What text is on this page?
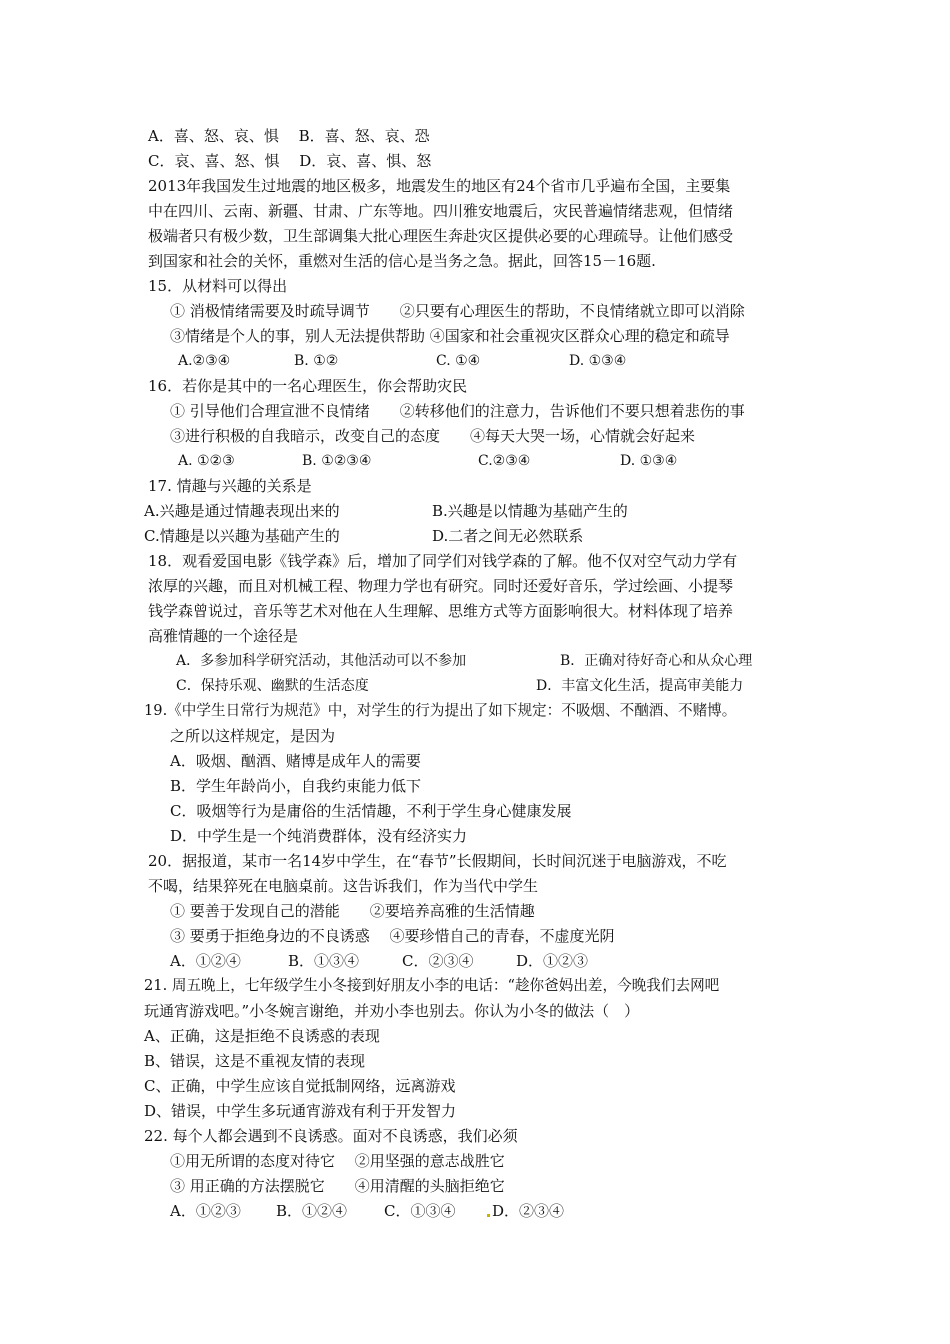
A．喜、怒、哀、惧　 B．喜、怒、哀、恐

C．哀、喜、怒、惧　 D．哀、喜、惧、怒

2013年我国发生过地震的地区极多，地震发生的地区有24个省市几乎遍布全国，主要集

中在四川、云南、新疆、甘肃、广东等地。四川雅安地震后，灾民普遍情绪悲观，但情绪

极端者只有极少数，卫生部调集大批心理医生奔赴灾区提供必要的心理疏导。让他们感受

到国家和社会的关怀，重燃对生活的信心是当务之急。据此，回答15－16题.

15．从材料可以得出

① 消极情绪需要及时疏导调节　　②只要有心理医生的帮助，不良情绪就立即可以消除

③情绪是个人的事，别人无法提供帮助 ④国家和社会重视灾区群众心理的稳定和疏导

A.②③④	B. ①②	C. ①④	D. ①③④

16．若你是其中的一名心理医生，你会帮助灾民

① 引导他们合理宣泄不良情绪　　②转移他们的注意力，告诉他们不要只想着悲伤的事

③进行积极的自我暗示，改变自己的态度　　④每天大哭一场，心情就会好起来

A. ①②③	B. ①②③④	C.②③④	D. ①③④

17. 情趣与兴趣的关系是

A.兴趣是通过情趣表现出来的	B.兴趣是以情趣为基础产生的
C.情趣是以兴趣为基础产生的	D.二者之间无必然联系

18．观看爱国电影《钱学森》后，增加了同学们对钱学森的了解。他不仅对空气动力学有

浓厚的兴趣，而且对机械工程、物理力学也有研究。同时还爱好音乐，学过绘画、小提琴

钱学森曾说过，音乐等艺术对他在人生理解、思维方式等方面影响很大。材料体现了培养

高雅情趣的一个途径是

A．多参加科学研究活动，其他活动可以不参加	B．正确对待好奇心和从众心理
C．保持乐观、幽默的生活态度	D．丰富文化生活，提高审美能力

19.《中学生日常行为规范》中，对学生的行为提出了如下规定：不吸烟、不酗酒、不赌博。

之所以这样规定，是因为

A．吸烟、酗酒、赌博是成年人的需要

B．学生年龄尚小，自我约束能力低下

C．吸烟等行为是庸俗的生活情趣，不利于学生身心健康发展

D．中学生是一个纯消费群体，没有经济实力

20．据报道，某市一名14岁中学生，在“春节”长假期间，长时间沉迷于电脑游戏，不吃

不喝，结果猝死在电脑桌前。这告诉我们，作为当代中学生

① 要善于发现自己的潜能　　②要培养高雅的生活情趣

③ 要勇于拒绝身边的不良诱惑　 ④要珍惜自己的青春，不虚度光阴

A．①②④	B．①③④	C．②③④	D．①②③

21. 周五晚上，七年级学生小冬接到好朋友小李的电话：“趁你爸妈出差，今晚我们去网吧

玩通宵游戏吧。”小冬婉言谢绝，并劝小李也别去。你认为小冬的做法（　）

A、正确，这是拒绝不良诱惑的表现

B、错误，这是不重视友情的表现

C、正确，中学生应该自觉抵制网络，远离游戏

D、错误，中学生多玩通宵游戏有利于开发智力

22. 每个人都会遇到不良诱惑。面对不良诱惑，我们必须

①用无所谓的态度对待它　 ②用坚强的意志战胜它

③ 用正确的方法摆脱它　　④用清醒的头脑拒绝它

A．①②③ B．①②④ C．①③④ D．②③④
